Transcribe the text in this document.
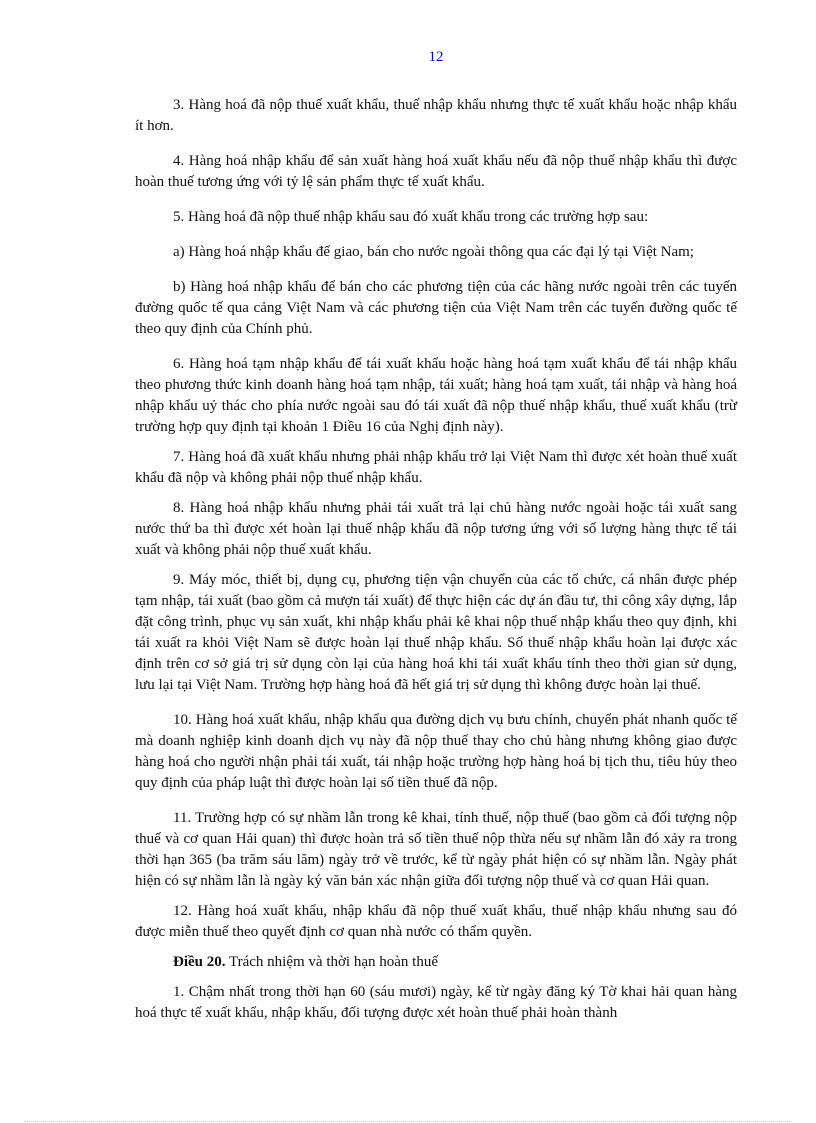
12

3. Hàng hoá đã nộp thuế xuất khẩu, thuế nhập khẩu nhưng thực tế xuất khẩu hoặc nhập khẩu ít hơn.

4. Hàng hoá nhập khẩu để sản xuất hàng hoá xuất khẩu nếu đã nộp thuế nhập khẩu thì được hoàn thuế tương ứng với tỷ lệ sản phẩm thực tế xuất khẩu.

5. Hàng hoá đã nộp thuế nhập khẩu sau đó xuất khẩu trong các trường hợp sau:

a) Hàng hoá nhập khẩu để giao, bán cho nước ngoài thông qua các đại lý tại Việt Nam;

b) Hàng hoá nhập khẩu để bán cho các phương tiện của các hãng nước ngoài trên các tuyến đường quốc tế qua cảng Việt Nam và các phương tiện của Việt Nam trên các tuyến đường quốc tế theo quy định của Chính phủ.

6. Hàng hoá tạm nhập khẩu để tái xuất khẩu hoặc hàng hoá tạm xuất khẩu để tái nhập khẩu theo phương thức kinh doanh hàng hoá tạm nhập, tái xuất; hàng hoá tạm xuất, tái nhập và hàng hoá nhập khẩu uỷ thác cho phía nước ngoài sau đó tái xuất đã nộp thuế nhập khẩu, thuế xuất khẩu (trừ trường hợp quy định tại khoản 1 Điều 16 của Nghị định này).

7. Hàng hoá đã xuất khẩu nhưng phải nhập khẩu trở lại Việt Nam thì được xét hoàn thuế xuất khẩu đã nộp và không phải nộp thuế nhập khẩu.

8. Hàng hoá nhập khẩu nhưng phải tái xuất trả lại chủ hàng nước ngoài hoặc tái xuất sang nước thứ ba thì được xét hoàn lại thuế nhập khẩu đã nộp tương ứng với số lượng hàng thực tế tái xuất và không phải nộp thuế xuất khẩu.

9. Máy móc, thiết bị, dụng cụ, phương tiện vận chuyển của các tổ chức, cá nhân được phép tạm nhập, tái xuất (bao gồm cả mượn tái xuất) để thực hiện các dự án đầu tư, thi công xây dựng, lắp đặt công trình, phục vụ sản xuất, khi nhập khẩu phải kê khai nộp thuế nhập khẩu theo quy định, khi tái xuất ra khỏi Việt Nam sẽ được hoàn lại thuế nhập khẩu. Số thuế nhập khẩu hoàn lại được xác định trên cơ sở giá trị sử dụng còn lại của hàng hoá khi tái xuất khẩu tính theo thời gian sử dụng, lưu lại tại Việt Nam. Trường hợp hàng hoá đã hết giá trị sử dụng thì không được hoàn lại thuế.

10. Hàng hoá xuất khẩu, nhập khẩu qua đường dịch vụ bưu chính, chuyển phát nhanh quốc tế mà doanh nghiệp kinh doanh dịch vụ này đã nộp thuế thay cho chủ hàng nhưng không giao được hàng hoá cho người nhận phải tái xuất, tái nhập hoặc trường hợp hàng hoá bị tịch thu, tiêu hủy theo quy định của pháp luật thì được hoàn lại số tiền thuế đã nộp.

11. Trường hợp có sự nhầm lẫn trong kê khai, tính thuế, nộp thuế (bao gồm cả đối tượng nộp thuế và cơ quan Hải quan) thì được hoàn trả số tiền thuế nộp thừa nếu sự nhầm lẫn đó xảy ra trong thời hạn 365 (ba trăm sáu lăm) ngày trở về trước, kể từ ngày phát hiện có sự nhầm lẫn. Ngày phát hiện có sự nhầm lẫn là ngày ký văn bản xác nhận giữa đối tượng nộp thuế và cơ quan Hải quan.

12. Hàng hoá xuất khẩu, nhập khẩu đã nộp thuế xuất khẩu, thuế nhập khẩu nhưng sau đó được miễn thuế theo quyết định cơ quan nhà nước có thẩm quyền.

Điều 20. Trách nhiệm và thời hạn hoàn thuế

1. Chậm nhất trong thời hạn 60 (sáu mươi) ngày, kể từ ngày đăng ký Tờ khai hải quan hàng hoá thực tế xuất khẩu, nhập khẩu, đối tượng được xét hoàn thuế phải hoàn thành
